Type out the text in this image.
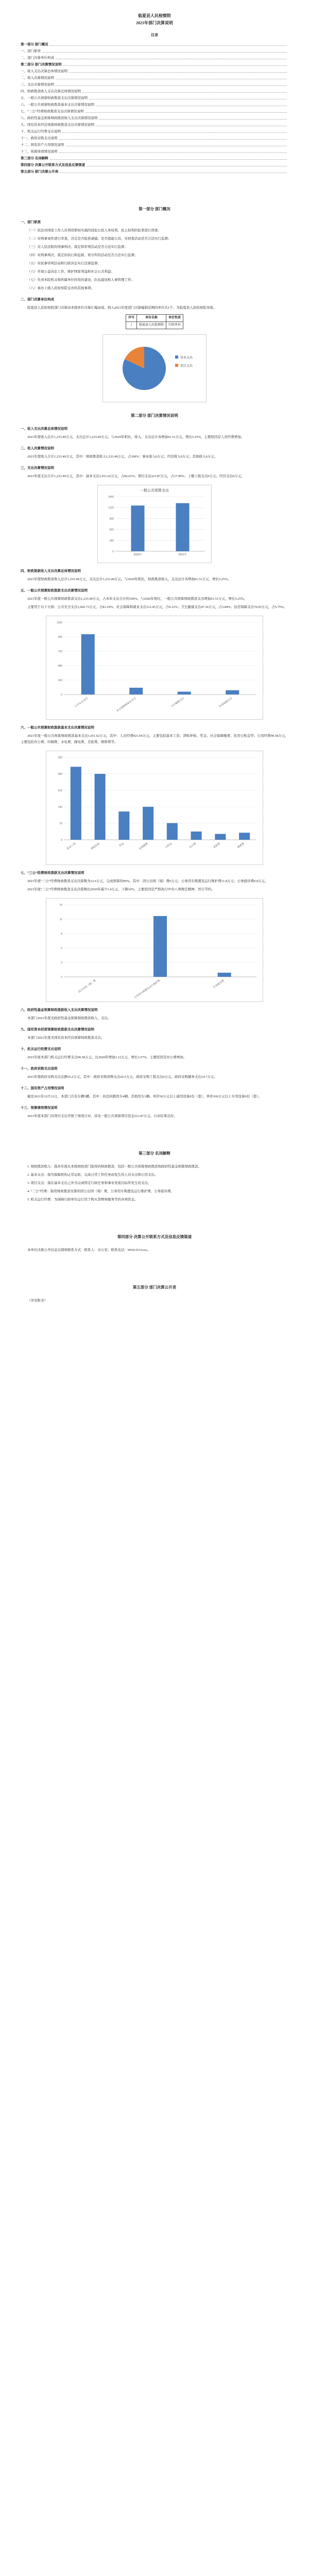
临夏县人民检察院
2021年部门决算说明
目录
第一部分 部门概况
一、部门职责
二、部门决算单位构成
第二部分 部门决算情况说明
一、收入支出决算总体情况说明
二、收入决算情况说明
三、支出决算情况说明
四、财政拨款收入支出决算总体情况说明
五、一般公共预算财政拨款支出决算情况说明
六、一般公共预算财政拨款基本支出决算情况说明
七、“三公”经费财政拨款支出决算情况说明
八、政府性基金预算财政拨款收入支出决算情况说明
九、国有资本经营预算财政拨款支出决算情况说明
十、机关运行经费支出说明
十一、政府采购支出说明
十二、国有资产占用情况说明
十三、预算绩效情况说明
第三部分 名词解释
第四部分 决算公开联系方式及信息反馈渠道
第五部分 部门决算公开表
第一部分 部门概况
一、部门职责

（一）依法对国家工作人员利用职权实施的侵犯公民人身权利、民主权利的犯罪进行侦查；

（二）对刑事案件进行审查，决定是否批准逮捕、是否提起公诉，对侦查活动是否合法实行监督；

（三）对人民法院的刑事判决、裁定和审判活动是否合法实行监督；

（四）对刑事判决、裁定的执行和监狱、看守所的活动是否合法实行监督；

（五）对民事审判活动和行政诉讼实行法律监督；

（六）开展公益诉讼工作，维护国家利益和社会公共利益；

（七）负责本院机关和所属单位的党的建设、队伍建设和人事管理工作；

（八）承办上级人民检察院交办的其他事项。

二、部门决算单位构成

临夏县人民检察院部门决算由本级单位决算汇编而成。纳入2021年度部门决算编制范围的单位共1个，为临夏县人民检察院本级。

序号	单位名称	单位性质
1	临夏县人民检察院	行政单位
基本支出
项目支出
第二部分 部门决算情况说明
一、收入支出决算总体情况说明

2021年度收入总计1,233.49万元，支出总计1,233.49万元。与2020年相比，收入、支出总计各增加61.51万元，增长5.25%，主要原因是人员经费增加。

二、收入决算情况说明

2021年度收入合计1,233.49万元，其中：财政拨款收入1,233.49万元，占100%；事业收入0万元；经营收入0万元；其他收入0万元。

三、支出决算情况说明

2021年度支出合计1,233.49万元，其中：基本支出1,011.62万元，占82.01%；项目支出221.87万元，占17.99%；上缴上级支出0万元；经营支出0万元。

一般公共预算支出
0
280
560
840
1120
1400
2020年	2021年
四、财政拨款收入支出决算总体情况说明

2021年度财政拨款收入总计1,233.49万元，支出总计1,233.49万元。与2020年相比，财政拨款收入、支出总计各增加61.51万元，增长5.25%。

五、一般公共预算财政拨款支出决算情况说明

2021年度一般公共预算财政拨款支出1,233.49万元，占本年支出合计的100%。与2020年相比，一般公共预算财政拨款支出增加61.51万元，增长5.25%。

主要用于以下方面：公共安全支出1,002.73万元，占81.29%；社会保障和就业支出112.45万元，占9.12%；卫生健康支出47.36万元，占3.84%；住房保障支出70.95万元，占5.75%。

0
240
480
720
960
1200
公共安全支出	社会保障和就业支出	卫生健康支出	住房保障支出
六、一般公共预算财政拨款基本支出决算情况说明

2021年度一般公共预算财政拨款基本支出1,011.62万元，其中：人员经费921.04万元，主要包括基本工资、津贴补贴、奖金、社会保障缴费、住房公积金等；公用经费90.58万元，主要包括办公费、印刷费、水电费、邮电费、差旅费、维修费等。

0
70
140
210
280
350
基本工资	津贴补贴	奖金	社保缴费	公积金	办公费	差旅费	维修费
七、“三公”经费财政拨款支出决算情况说明

2021年度“三公”经费财政拨款支出决算数为12.6万元，完成预算的90%。其中：因公出国（境）费0万元；公务用车购置及运行维护费11.8万元；公务接待费0.8万元。

2021年度“三公”经费财政拨款支出决算数比2020年减少1.4万元，下降10%，主要原因是严格执行中央八项规定精神，厉行节约。

0
3
6
8
11
14
因公出国（境）费	公务用车购置及运行维护费	公务接待费
八、政府性基金预算财政拨款收入支出决算情况说明

本部门2021年度无政府性基金预算财政拨款收入、支出。

九、国有资本经营预算财政拨款支出决算情况说明

本部门2021年度无国有资本经营预算财政拨款支出。

十、机关运行经费支出说明

2021年度本部门机关运行经费支出90.58万元，比2020年增加3.12万元，增长3.57%，主要原因是办公费增加。

十一、政府采购支出说明

2021年度政府采购支出总额35.2万元，其中：政府采购货物支出20.5万元、政府采购工程支出0万元、政府采购服务支出14.7万元。

十二、国有资产占用情况说明

截至2021年12月31日，本部门共有车辆5辆，其中：执法执勤用车4辆、其他用车1辆。单价50万元以上通用设备0台（套），单价100万元以上专用设备0台（套）。

十三、预算绩效情况说明

2021年度本部门对项目支出开展了绩效自评，涉及一般公共预算项目资金221.87万元，自评结果良好。

第三部分 名词解释

1. 财政拨款收入：指本年度从本级财政部门取得的财政拨款，包括一般公共预算财政拨款和政府性基金预算财政拨款。

2. 基本支出：指为保障机构正常运转、完成日常工作任务而发生的人员支出和公用支出。

3. 项目支出：指在基本支出之外为完成特定行政任务和事业发展目标所发生的支出。

4. “三公”经费：指用财政拨款安排的因公出国（境）费、公务用车购置及运行维护费、公务接待费。

5. 机关运行经费：为保障行政单位运行用于购买货物和服务等的各项资金。

第四部分 决算公开联系方式及信息反馈渠道

本单位决算公开信息反馈和联系方式：联系人：办公室；联系电话：0930-5511xxx。

第五部分 部门决算公开表

（详见附表）
